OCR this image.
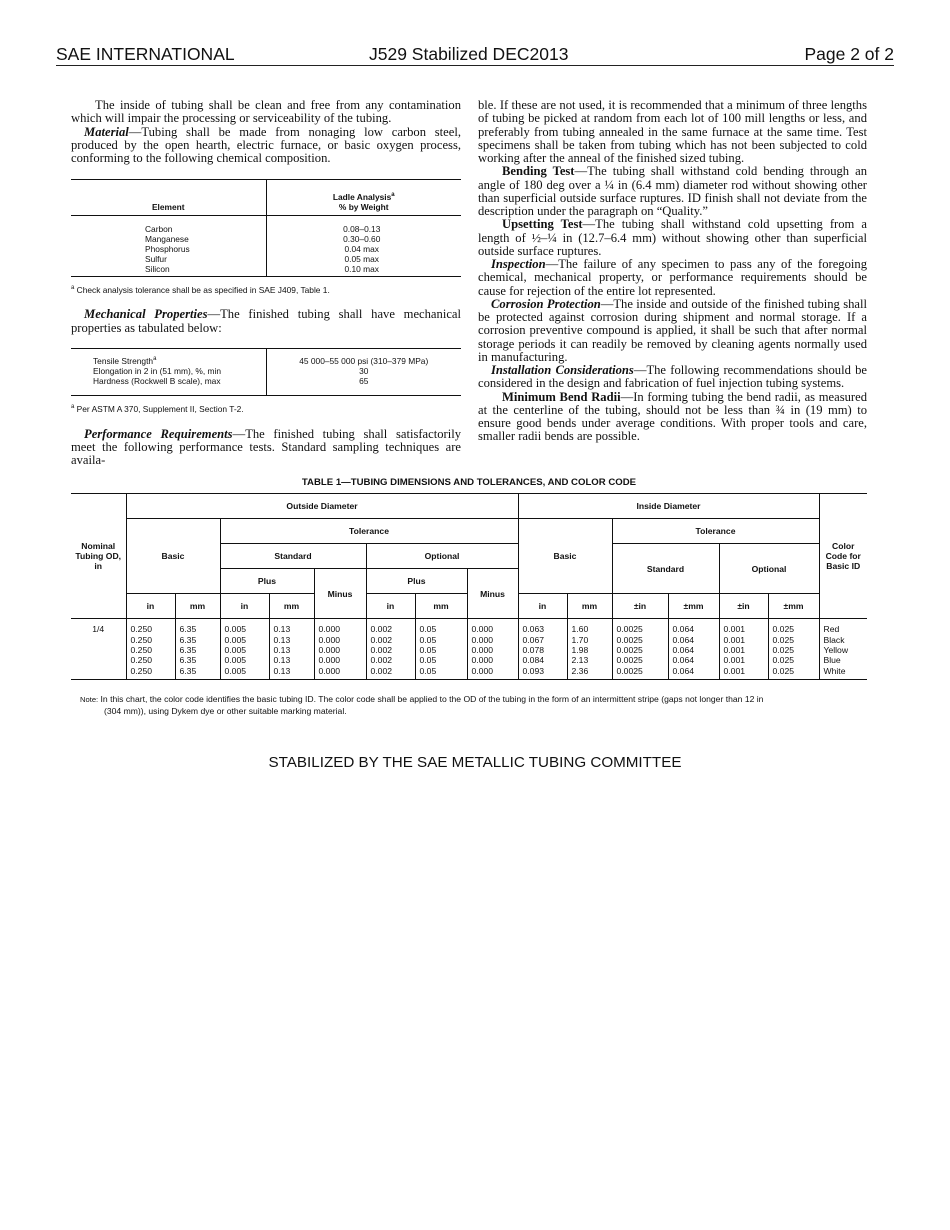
SAE INTERNATIONAL	J529 Stabilized DEC2013	Page 2 of 2

The inside of tubing shall be clean and free from any contamination which will impair the processing or serviceability of the tubing.

Material—Tubing shall be made from nonaging low carbon steel, produced by the open hearth, electric furnace, or basic oxygen process, conforming to the following chemical composition.

Element	Ladle Analysis$^a$
% by Weight
Carbon	0.08–0.13
Manganese	0.30–0.60
Phosphorus	0.04 max
Sulfur	0.05 max
Silicon	0.10 max
$^a$ Check analysis tolerance shall be as specified in SAE J409, Table 1.

Mechanical Properties—The finished tubing shall have mechanical properties as tabulated below:

Tensile Strength$^a$	45 000–55 000 psi (310–379 MPa)
Elongation in 2 in (51 mm), %, min	30
Hardness (Rockwell B scale), max	65
$^a$ Per ASTM A 370, Supplement II, Section T-2.

Performance Requirements—The finished tubing shall satisfactorily meet the following performance tests. Standard sampling techniques are availa-

ble. If these are not used, it is recommended that a minimum of three lengths of tubing be picked at random from each lot of 100 mill lengths or less, and preferably from tubing annealed in the same furnace at the same time. Test specimens shall be taken from tubing which has not been subjected to cold working after the anneal of the finished sized tubing.

Bending Test—The tubing shall withstand cold bending through an angle of 180 deg over a ¼ in (6.4 mm) diameter rod without showing other than superficial outside surface ruptures. ID finish shall not deviate from the description under the paragraph on “Quality.”

Upsetting Test—The tubing shall withstand cold upsetting from a length of ½–¼ in (12.7–6.4 mm) without showing other than superficial outside surface ruptures.

Inspection—The failure of any specimen to pass any of the foregoing chemical, mechanical property, or performance requirements should be cause for rejection of the entire lot represented.

Corrosion Protection—The inside and outside of the finished tubing shall be protected against corrosion during shipment and normal storage. If a corrosion preventive compound is applied, it shall be such that after normal storage periods it can readily be removed by cleaning agents normally used in manufacturing.

Installation Considerations—The following recommendations should be considered in the design and fabrication of fuel injection tubing systems.

Minimum Bend Radii—In forming tubing the bend radii, as measured at the centerline of the tubing, should not be less than ¾ in (19 mm) to ensure good bends under average conditions. With proper tools and care, smaller radii bends are possible.

TABLE 1—TUBING DIMENSIONS AND TOLERANCES, AND COLOR CODE
Nominal Tubing OD, in	Outside Diameter								Inside Diameter						Color Code for Basic ID
	Basic		Tolerance						Basic		Tolerance				
			Standard			Optional					Standard		Optional		
			Plus		Minus	Plus		Minus							
	in	mm	in	mm		in	mm		in	mm	±in	±mm	±in	±mm	
1/4	0.250	6.35	0.005	0.13	0.000	0.002	0.05	0.000	0.063	1.60	0.0025	0.064	0.001	0.025	Red
	0.250	6.35	0.005	0.13	0.000	0.002	0.05	0.000	0.067	1.70	0.0025	0.064	0.001	0.025	Black
	0.250	6.35	0.005	0.13	0.000	0.002	0.05	0.000	0.078	1.98	0.0025	0.064	0.001	0.025	Yellow
	0.250	6.35	0.005	0.13	0.000	0.002	0.05	0.000	0.084	2.13	0.0025	0.064	0.001	0.025	Blue
	0.250	6.35	0.005	0.13	0.000	0.002	0.05	0.000	0.093	2.36	0.0025	0.064	0.001	0.025	White
Note: In this chart, the color code identifies the basic tubing ID. The color code shall be applied to the OD of the tubing in the form of an intermittent stripe (gaps not longer than 12 in
(304 mm)), using Dykem dye or other suitable marking material.
STABILIZED BY THE SAE METALLIC TUBING COMMITTEE
